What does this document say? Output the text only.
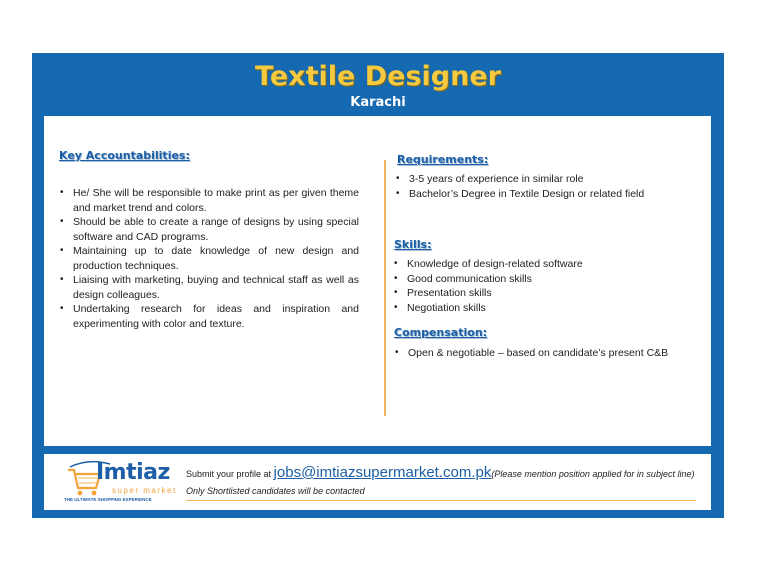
Textile Designer
Karachi
Key Accountabilities:
• He/ She will be responsible to make print as per given theme and market trend and colors.
• Should be able to create a range of designs by using special software and CAD programs.
• Maintaining up to date knowledge of new design and production techniques.
• Liaising with marketing, buying and technical staff as well as design colleagues.
• Undertaking research for ideas and inspiration and experimenting with color and texture.
Requirements:
• 3-5 years of experience in similar role
• Bachelor’s Degree in Textile Design or related field
Skills:
• Knowledge of design-related software
• Good communication skills
• Presentation skills
• Negotiation skills
Compensation:
• Open & negotiable – based on candidate’s present C&B
Imtiaz
super market
THE ULTIMATE SHOPPING EXPERIENCE
Submit your profile at jobs@imtiazsupermarket.com.pk(Please mention position applied for in subject line)
Only Shortlisted candidates will be contacted
